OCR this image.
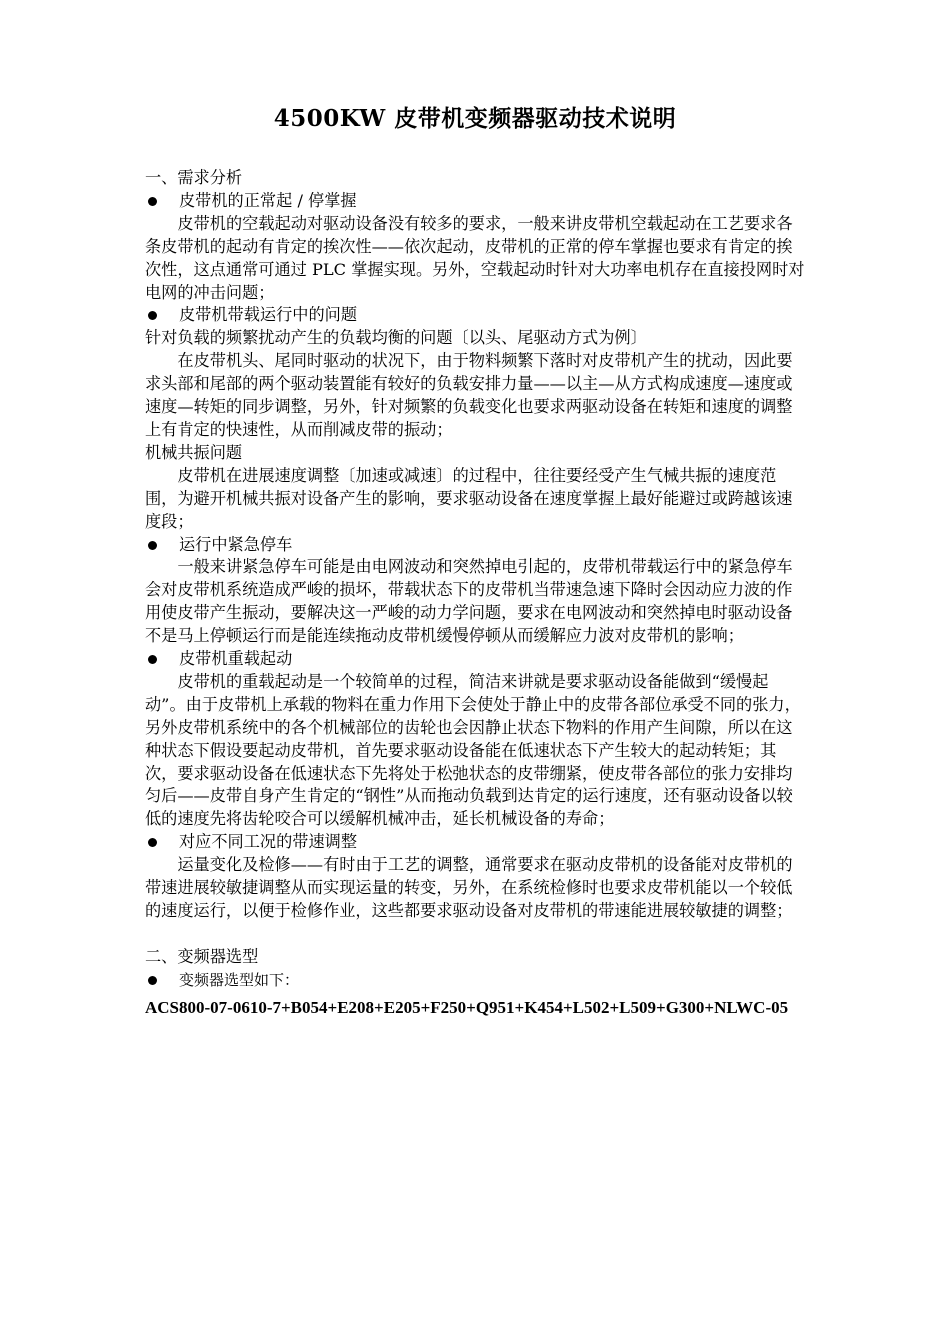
4500KW 皮带机变频器驱动技术说明

一、需求分析

皮带机的正常起 / 停掌握

皮带机的空载起动对驱动设备没有较多的要求，一般来讲皮带机空载起动在工艺要求各条皮带机的起动有肯定的挨次性——依次起动，皮带机的正常的停车掌握也要求有肯定的挨次性，这点通常可通过 PLC 掌握实现。另外，空载起动时针对大功率电机存在直接投网时对电网的冲击问题；

皮带机带载运行中的问题

针对负载的频繁扰动产生的负载均衡的问题〔以头、尾驱动方式为例〕

在皮带机头、尾同时驱动的状况下，由于物料频繁下落时对皮带机产生的扰动，因此要求头部和尾部的两个驱动装置能有较好的负载安排力量——以主—从方式构成速度—速度或速度—转矩的同步调整，另外，针对频繁的负载变化也要求两驱动设备在转矩和速度的调整上有肯定的快速性，从而削减皮带的振动；

机械共振问题

皮带机在进展速度调整〔加速或减速〕的过程中，往往要经受产生气械共振的速度范围，为避开机械共振对设备产生的影响，要求驱动设备在速度掌握上最好能避过或跨越该速度段；

运行中紧急停车

一般来讲紧急停车可能是由电网波动和突然掉电引起的，皮带机带载运行中的紧急停车会对皮带机系统造成严峻的损坏，带载状态下的皮带机当带速急速下降时会因动应力波的作用使皮带产生振动，要解决这一严峻的动力学问题，要求在电网波动和突然掉电时驱动设备不是马上停顿运行而是能连续拖动皮带机缓慢停顿从而缓解应力波对皮带机的影响；

皮带机重载起动

皮带机的重载起动是一个较简单的过程，简洁来讲就是要求驱动设备能做到“缓慢起动”。由于皮带机上承载的物料在重力作用下会使处于静止中的皮带各部位承受不同的张力，另外皮带机系统中的各个机械部位的齿轮也会因静止状态下物料的作用产生间隙，所以在这种状态下假设要起动皮带机，首先要求驱动设备能在低速状态下产生较大的起动转矩；其次，要求驱动设备在低速状态下先将处于松弛状态的皮带绷紧，使皮带各部位的张力安排均匀后——皮带自身产生肯定的“钢性”从而拖动负载到达肯定的运行速度，还有驱动设备以较低的速度先将齿轮咬合可以缓解机械冲击，延长机械设备的寿命；

对应不同工况的带速调整

运量变化及检修——有时由于工艺的调整，通常要求在驱动皮带机的设备能对皮带机的带速进展较敏捷调整从而实现运量的转变，另外，在系统检修时也要求皮带机能以一个较低的速度运行，以便于检修作业，这些都要求驱动设备对皮带机的带速能进展较敏捷的调整；

二、变频器选型

变频器选型如下：

ACS800-07-0610-7+B054+E208+E205+F250+Q951+K454+L502+L509+G300+NLWC-05
